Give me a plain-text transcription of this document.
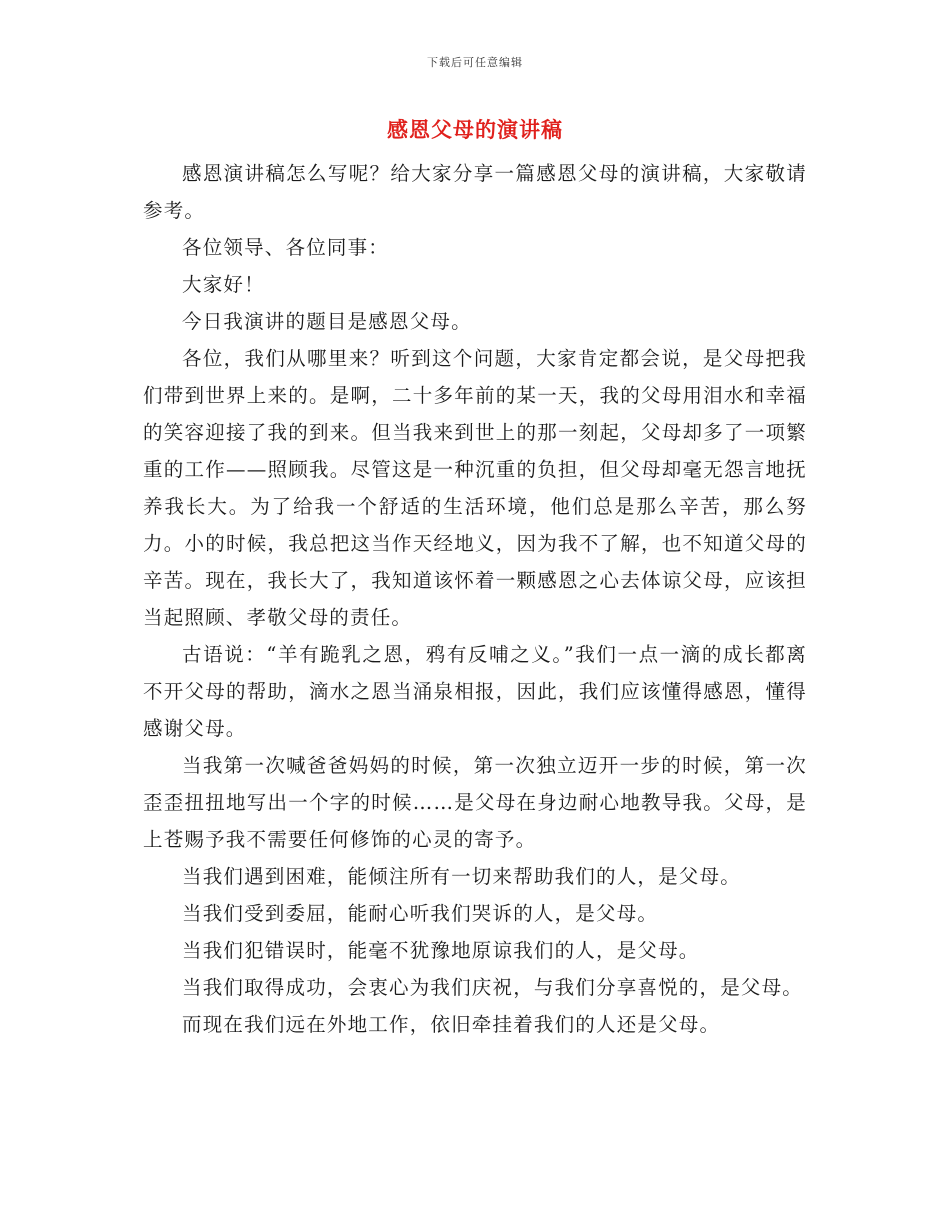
下载后可任意编辑
感恩父母的演讲稿

感恩演讲稿怎么写呢？给大家分享一篇感恩父母的演讲稿，大家敬请参考。

各位领导、各位同事：

大家好！

今日我演讲的题目是感恩父母。

各位，我们从哪里来？听到这个问题，大家肯定都会说，是父母把我们带到世界上来的。是啊，二十多年前的某一天，我的父母用泪水和幸福的笑容迎接了我的到来。但当我来到世上的那一刻起，父母却多了一项繁重的工作——照顾我。尽管这是一种沉重的负担，但父母却毫无怨言地抚养我长大。为了给我一个舒适的生活环境，他们总是那么辛苦，那么努力。小的时候，我总把这当作天经地义，因为我不了解，也不知道父母的辛苦。现在，我长大了，我知道该怀着一颗感恩之心去体谅父母，应该担当起照顾、孝敬父母的责任。

古语说：“羊有跪乳之恩，鸦有反哺之义。”我们一点一滴的成长都离不开父母的帮助，滴水之恩当涌泉相报，因此，我们应该懂得感恩，懂得感谢父母。

当我第一次喊爸爸妈妈的时候，第一次独立迈开一步的时候，第一次歪歪扭扭地写出一个字的时候……是父母在身边耐心地教导我。父母，是上苍赐予我不需要任何修饰的心灵的寄予。

当我们遇到困难，能倾注所有一切来帮助我们的人，是父母。

当我们受到委屈，能耐心听我们哭诉的人，是父母。

当我们犯错误时，能毫不犹豫地原谅我们的人，是父母。

当我们取得成功，会衷心为我们庆祝，与我们分享喜悦的，是父母。

而现在我们远在外地工作，依旧牵挂着我们的人还是父母。
